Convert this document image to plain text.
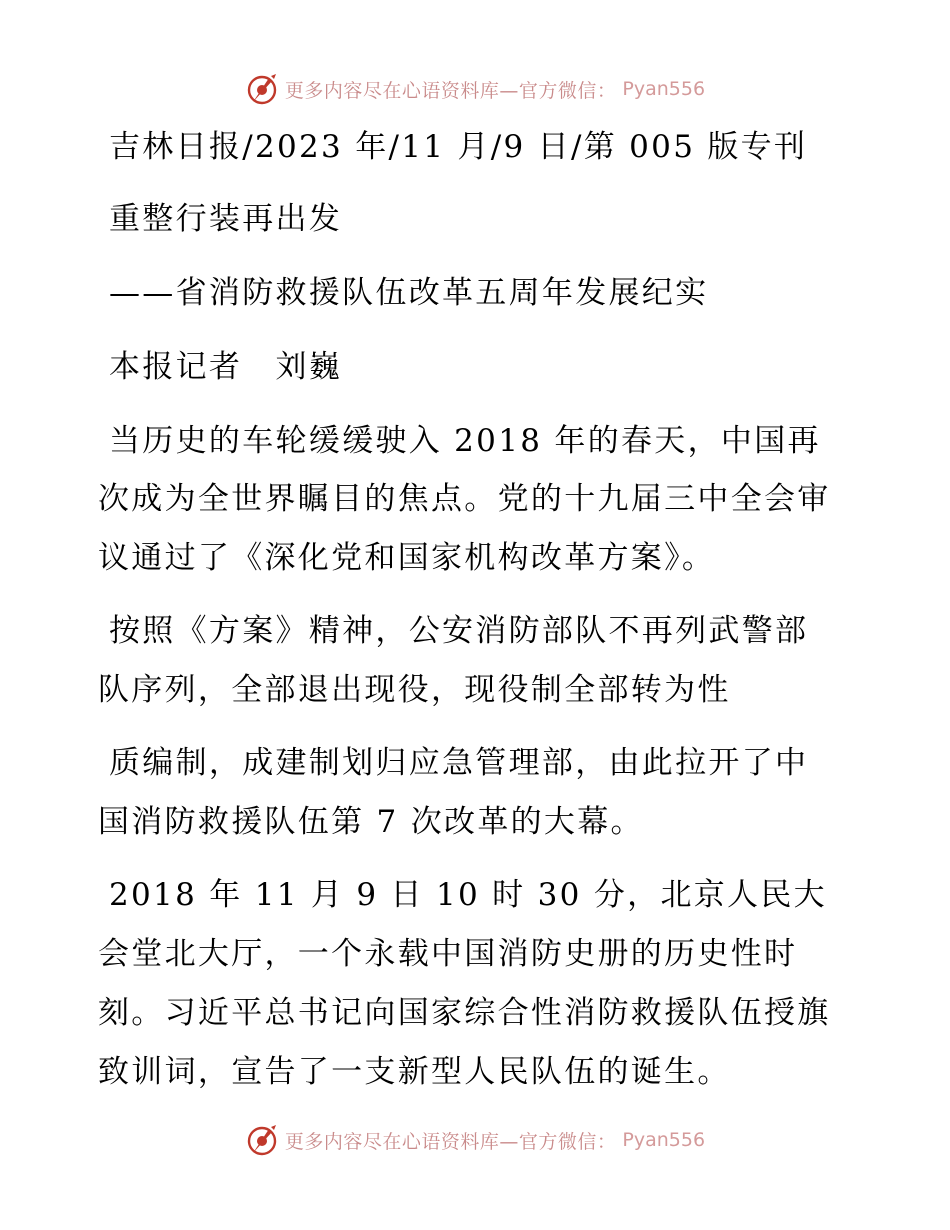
更多内容尽在心语资料库—官方微信： Pyan556
吉林日报/2023 年/11 月/9 日/第 005 版专刊
重整行装再出发
——省消防救援队伍改革五周年发展纪实
本报记者　刘巍
当历史的车轮缓缓驶入 2018 年的春天，中国再
次成为全世界瞩目的焦点。党的十九届三中全会审
议通过了《深化党和国家机构改革方案》。
按照《方案》精神，公安消防部队不再列武警部
队序列，全部退出现役，现役制全部转为性
质编制，成建制划归应急管理部，由此拉开了中
国消防救援队伍第 7 次改革的大幕。
2018 年 11 月 9 日 10 时 30 分，北京人民大
会堂北大厅，一个永载中国消防史册的历史性时
刻。习近平总书记向国家综合性消防救援队伍授旗
致训词，宣告了一支新型人民队伍的诞生。
更多内容尽在心语资料库—官方微信： Pyan556
